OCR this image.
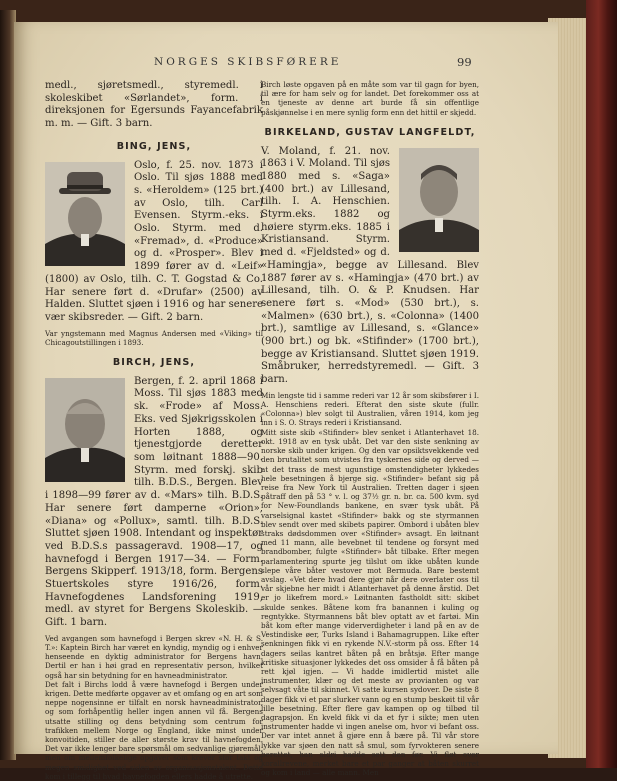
NORGES SKIBSFØRERE	99

medl., sjøretsmedl., styremedl. i skoleskibet «Sørlandet», form. i direksjonen for Egersunds Fayancefabrik m. m. — Gift. 3 barn.

BING, JENS,

Oslo, f. 25. nov. 1873 i Oslo. Til sjøs 1888 med s. «Heroldem» (125 brt.) av Oslo, tilh. Carl Evensen. Styrm.-eks. i Oslo. Styrm. med d. «Fremad», d. «Produce» og d. «Prosper». Blev i 1899 fører av d. «Leif» (1800) av Oslo, tilh. C. T. Gogstad & Co. Har senere ført d. «Drufar» (2500) av Halden. Sluttet sjøen i 1916 og har senere vær skibsreder. — Gift. 2 barn.

Var yngstemann med Magnus Andersen med «Viking» til Chicagoutstillingen i 1893.

BIRCH, JENS,

Bergen, f. 2. april 1868 i Moss. Til sjøs 1883 med sk. «Frode» af Moss. Eks. ved Sjøkrigsskolen i Horten 1888, og tjenestgjorde deretter som løitnant 1888—90. Styrm. med forskj. skib tilh. B.D.S., Bergen. Blev i 1898—99 fører av d. «Mars» tilh. B.D.S. Har senere ført damperne «Orion», «Diana» og «Pollux», samtl. tilh. B.D.S. Sluttet sjøen 1908. Intendant og inspektør ved B.D.S.s passageravd. 1908—17, og havnefogd i Bergen 1917—34. — Form. Bergens Skipperf. 1913/18, form. Bergens Stuertskoles styre 1916/26, form. Havnefogdenes Landsforening 1919, medl. av styret for Bergens Skoleskib. — Gift. 1 barn.

Ved avgangen som havnefogd i Bergen skrev «N. H. & S. T.»: Kaptein Birch har været en kyndig, myndig og i enhver henseende en dyktig administrator for Bergens havn. Dertil er han i høi grad en representativ person, hvilket også har sin betydning for en havneadministrator.

Det falt i Birchs lodd å være havnefogd i Bergen under krigen. Dette medførte opgaver av et omfang og en art som neppe nogensinne er tilfalt en norsk havneadministrator, og som forhåpentlig heller ingen annen vil få. Bergens utsatte stilling og dens betydning som centrum for trafikken mellem Norge og England, ikke minst under konvoitiden, stiller de aller største krav til havnefogden. Det var ikke lenger bare spørsmål om sedvanlige gjøremål, men om mellemfolkelige opgaver som krever stor takt og megen smidighet ved siden av organisasjonstalent. Dette kom i tillegg til hvad havnefogden ellers hadde å utrette.

Birch løste opgaven på en måte som var til gagn for byen, til ære for ham selv og for landet. Det forekommer oss at en tjeneste av denne art burde få sin offentlige påskjønnelse i en mere synlig form enn det hittil er skjedd.

BIRKELAND, GUSTAV LANGFELDT,

V. Moland, f. 21. nov. 1863 i V. Moland. Til sjøs 1880 med s. «Saga» (400 brt.) av Lillesand, tilh. I. A. Henschien. Styrm.eks. 1882 og høiere styrm.eks. 1885 i Kristiansand. Styrm. med d. «Fjeldsted» og d. «Hamingja», begge av Lillesand. Blev 1887 fører av s. «Hamingja» (470 brt.) av Lillesand, tilh. O. & P. Knudsen. Har senere ført s. «Mod» (530 brt.), s. «Malmen» (630 brt.), s. «Colonna» (1400 brt.), samtlige av Lillesand, s. «Glance» (900 brt.) og bk. «Stifinder» (1700 brt.), begge av Kristiansand. Sluttet sjøen 1919. Småbruker, herredstyremedl. — Gift. 3 barn.

Min lengste tid i samme rederi var 12 år som skibsfører i I. A. Henschiens rederi. Efterat den siste skute (fullr. «Colonna») blev solgt til Australien, våren 1914, kom jeg inn i S. O. Strays rederi i Kristiansand.

Mitt siste skib «Stifinder» blev senket i Atlanterhavet 18. okt. 1918 av en tysk ubåt. Det var den siste senkning av norske skib under krigen. Og den var opsiktsvekkende ved den brutalitet som utvistes fra tyskernes side og derved — at det trass de mest ugunstige omstendigheter lykkedes hele besetningen å bjerge sig. «Stifinder» befant sig på reise fra New York til Australien. Tretten dager i sjøen påtraff den på 53 ° v. l. og 37½ gr. n. br. ca. 500 kvm. syd for New-Foundlands bankene, en svær tysk ubåt. På varselsignal kastet «Stifinder» bakk og ste styrmannen blev sendt over med skibets papirer. Ombord i ubåten blev straks dødsdommen over «Stifinder» avsagt. En løitnant med 11 mann, alle bevebnet til tendene og forsynt med brandbomber, fulgte «Stifinder» båt tilbake. Efter megen parlamentering spurte jeg tilslut om ikke ubåten kunde slepe våre båter vestover mot Bermuda. Bare bestemt avslag. «Vet dere hvad dere gjør når dere overlater oss til vår skjebne her midt i Atlanterhavet på denne årstid. Det er jo likefrem mord.» Løitnanten fastholdt sitt: skibet skulde senkes. Båtene kom fra banannen i kuling og regntykke. Styrmannens båt blev optatt av et fartøi. Min båt kom efter mange viderverdigheter i land på en av de Vestindiske øer, Turks Island i Bahamagruppen. Like efter senkningen fikk vi en rykende N.V.-storm på oss. Efter 14 dagers seilas kantret båten på en bråtsjø. Efter mange kritiske situasjoner lykkedes det oss omsider å få båten på rett kjøl igjen. — Vi hadde imidlertid mistet alle instrumenter, klær og det meste av provianten og var selvsagt våte til skinnet. Vi satte kursen sydover. De siste 8 dager fikk vi et par slurker vann og en stump beskøit til vår lille besetning. Efter flere gav kampen op og tilbød til dagrapsjon. En kveld fikk vi da et fyr i sikte; men uten instrumenter hadde vi ingen anelse om, hvor vi befant oss. Der var intet annet å gjøre enn å bære på. Til vår store lykke var sjøen den natt så smul, som fyrvokteren senere berettet, han aldri hadde sett den før. Vi fløt over korallrevene, merket bare et par ganger at båten skurret og kom i land — alle mann. Men
